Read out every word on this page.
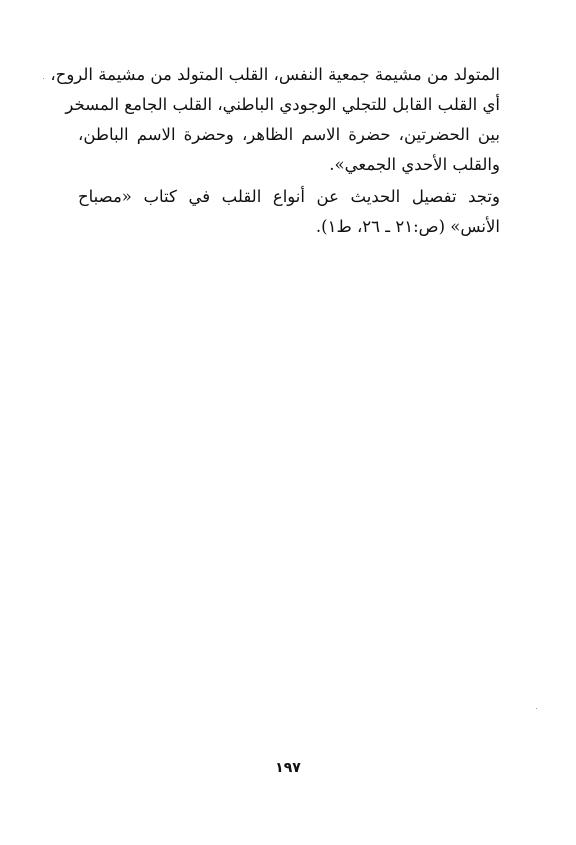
المتولد من مشيمة جمعية النفس، القلب المتولد من مشيمة الروح،
أي القلب القابل للتجلي الوجودي الباطني، القلب الجامع المسخر
بين الحضرتين، حضرة الاسم الظاهر، وحضرة الاسم الباطن،
والقلب الأحدي الجمعي».
وتجد تفصيل الحديث عن أنواع القلب في كتاب «مصباح
الأنس» (ص:٢١ ـ ٢٦، ط١).
١٩٧
